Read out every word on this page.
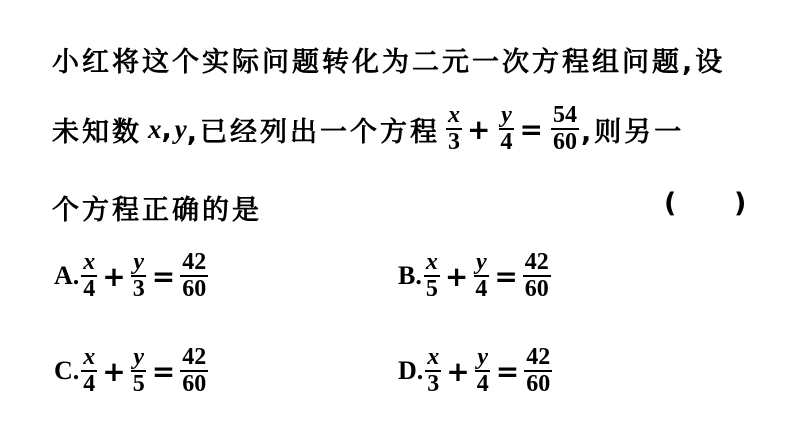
小红将这个实际问题转化为二元一次方程组问题,设
未知数 x , y ,已经列出一个方程 $\frac{x}{3} + \frac{y}{4} = \frac{54}{60}$ ,则另一
个方程正确的是	( )
A. $\frac{x}{4} + \frac{y}{3} = \frac{42}{60}$	B. $\frac{x}{5} + \frac{y}{4} = \frac{42}{60}$
C. $\frac{x}{4} + \frac{y}{5} = \frac{42}{60}$	D. $\frac{x}{3} + \frac{y}{4} = \frac{42}{60}$
